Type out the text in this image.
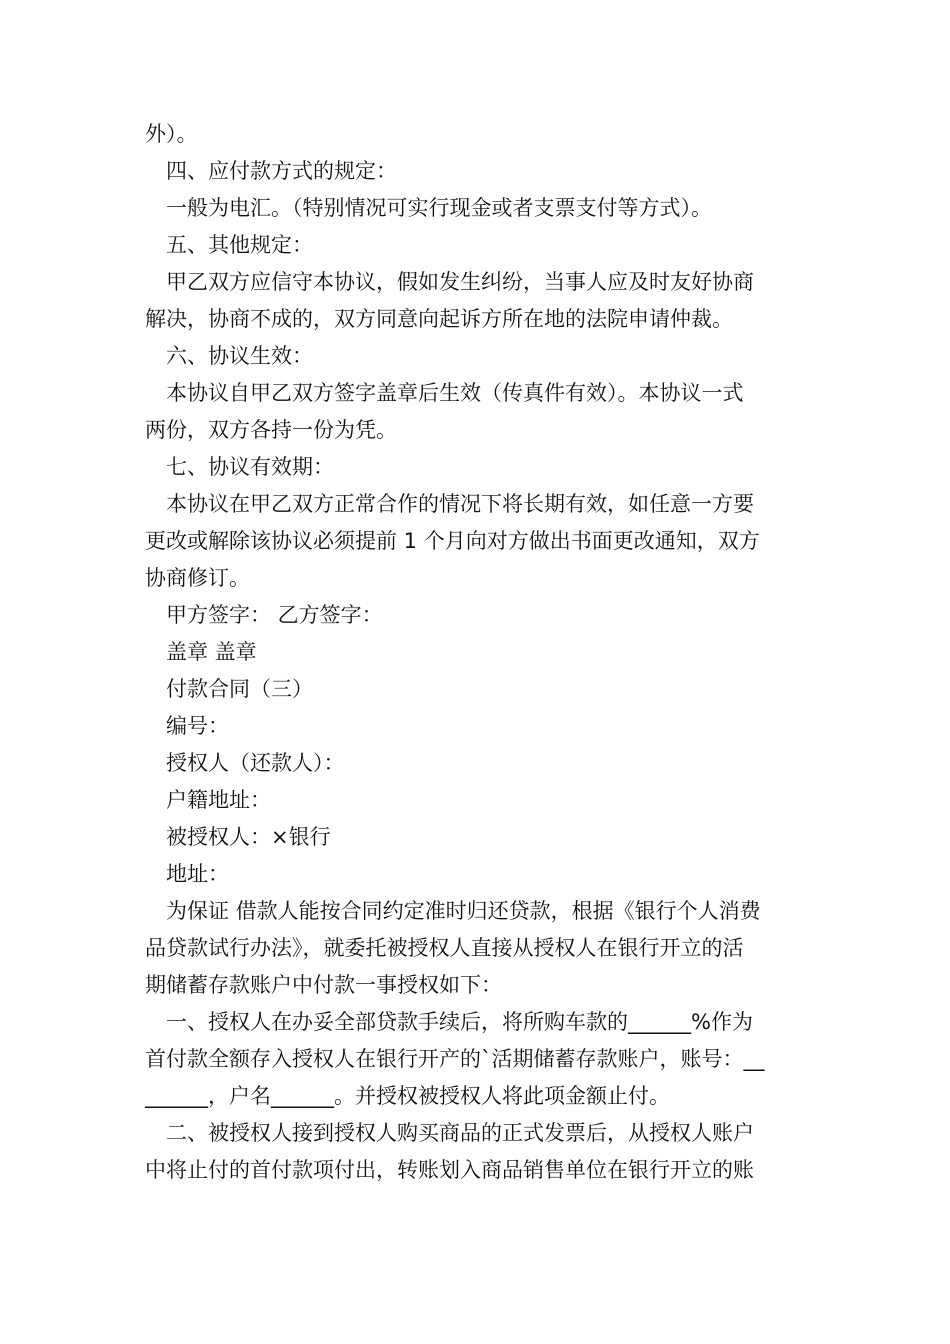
外）。
四、应付款方式的规定：
一般为电汇。（特别情况可实行现金或者支票支付等方式）。
五、其他规定：
甲乙双方应信守本协议，假如发生纠纷，当事人应及时友好协商
解决，协商不成的，双方同意向起诉方所在地的法院申请仲裁。
六、协议生效：
本协议自甲乙双方签字盖章后生效（传真件有效）。本协议一式
两份，双方各持一份为凭。
七、协议有效期：
本协议在甲乙双方正常合作的情况下将长期有效，如任意一方要
更改或解除该协议必须提前 1 个月向对方做出书面更改通知，双方
协商修订。
甲方签字： 乙方签字：
盖章 盖章
付款合同（三）
编号：
授权人（还款人）：
户籍地址：
被授权人：×银行
地址：
为保证 借款人能按合同约定准时归还贷款，根据《银行个人消费
品贷款试行办法》，就委托被授权人直接从授权人在银行开立的活
期储蓄存款账户中付款一事授权如下：
一、授权人在办妥全部贷款手续后，将所购车款的______%作为
首付款全额存入授权人在银行开产的`活期储蓄存款账户，账号：__
______，户名______。并授权被授权人将此项金额止付。
二、被授权人接到授权人购买商品的正式发票后，从授权人账户
中将止付的首付款项付出，转账划入商品销售单位在银行开立的账
